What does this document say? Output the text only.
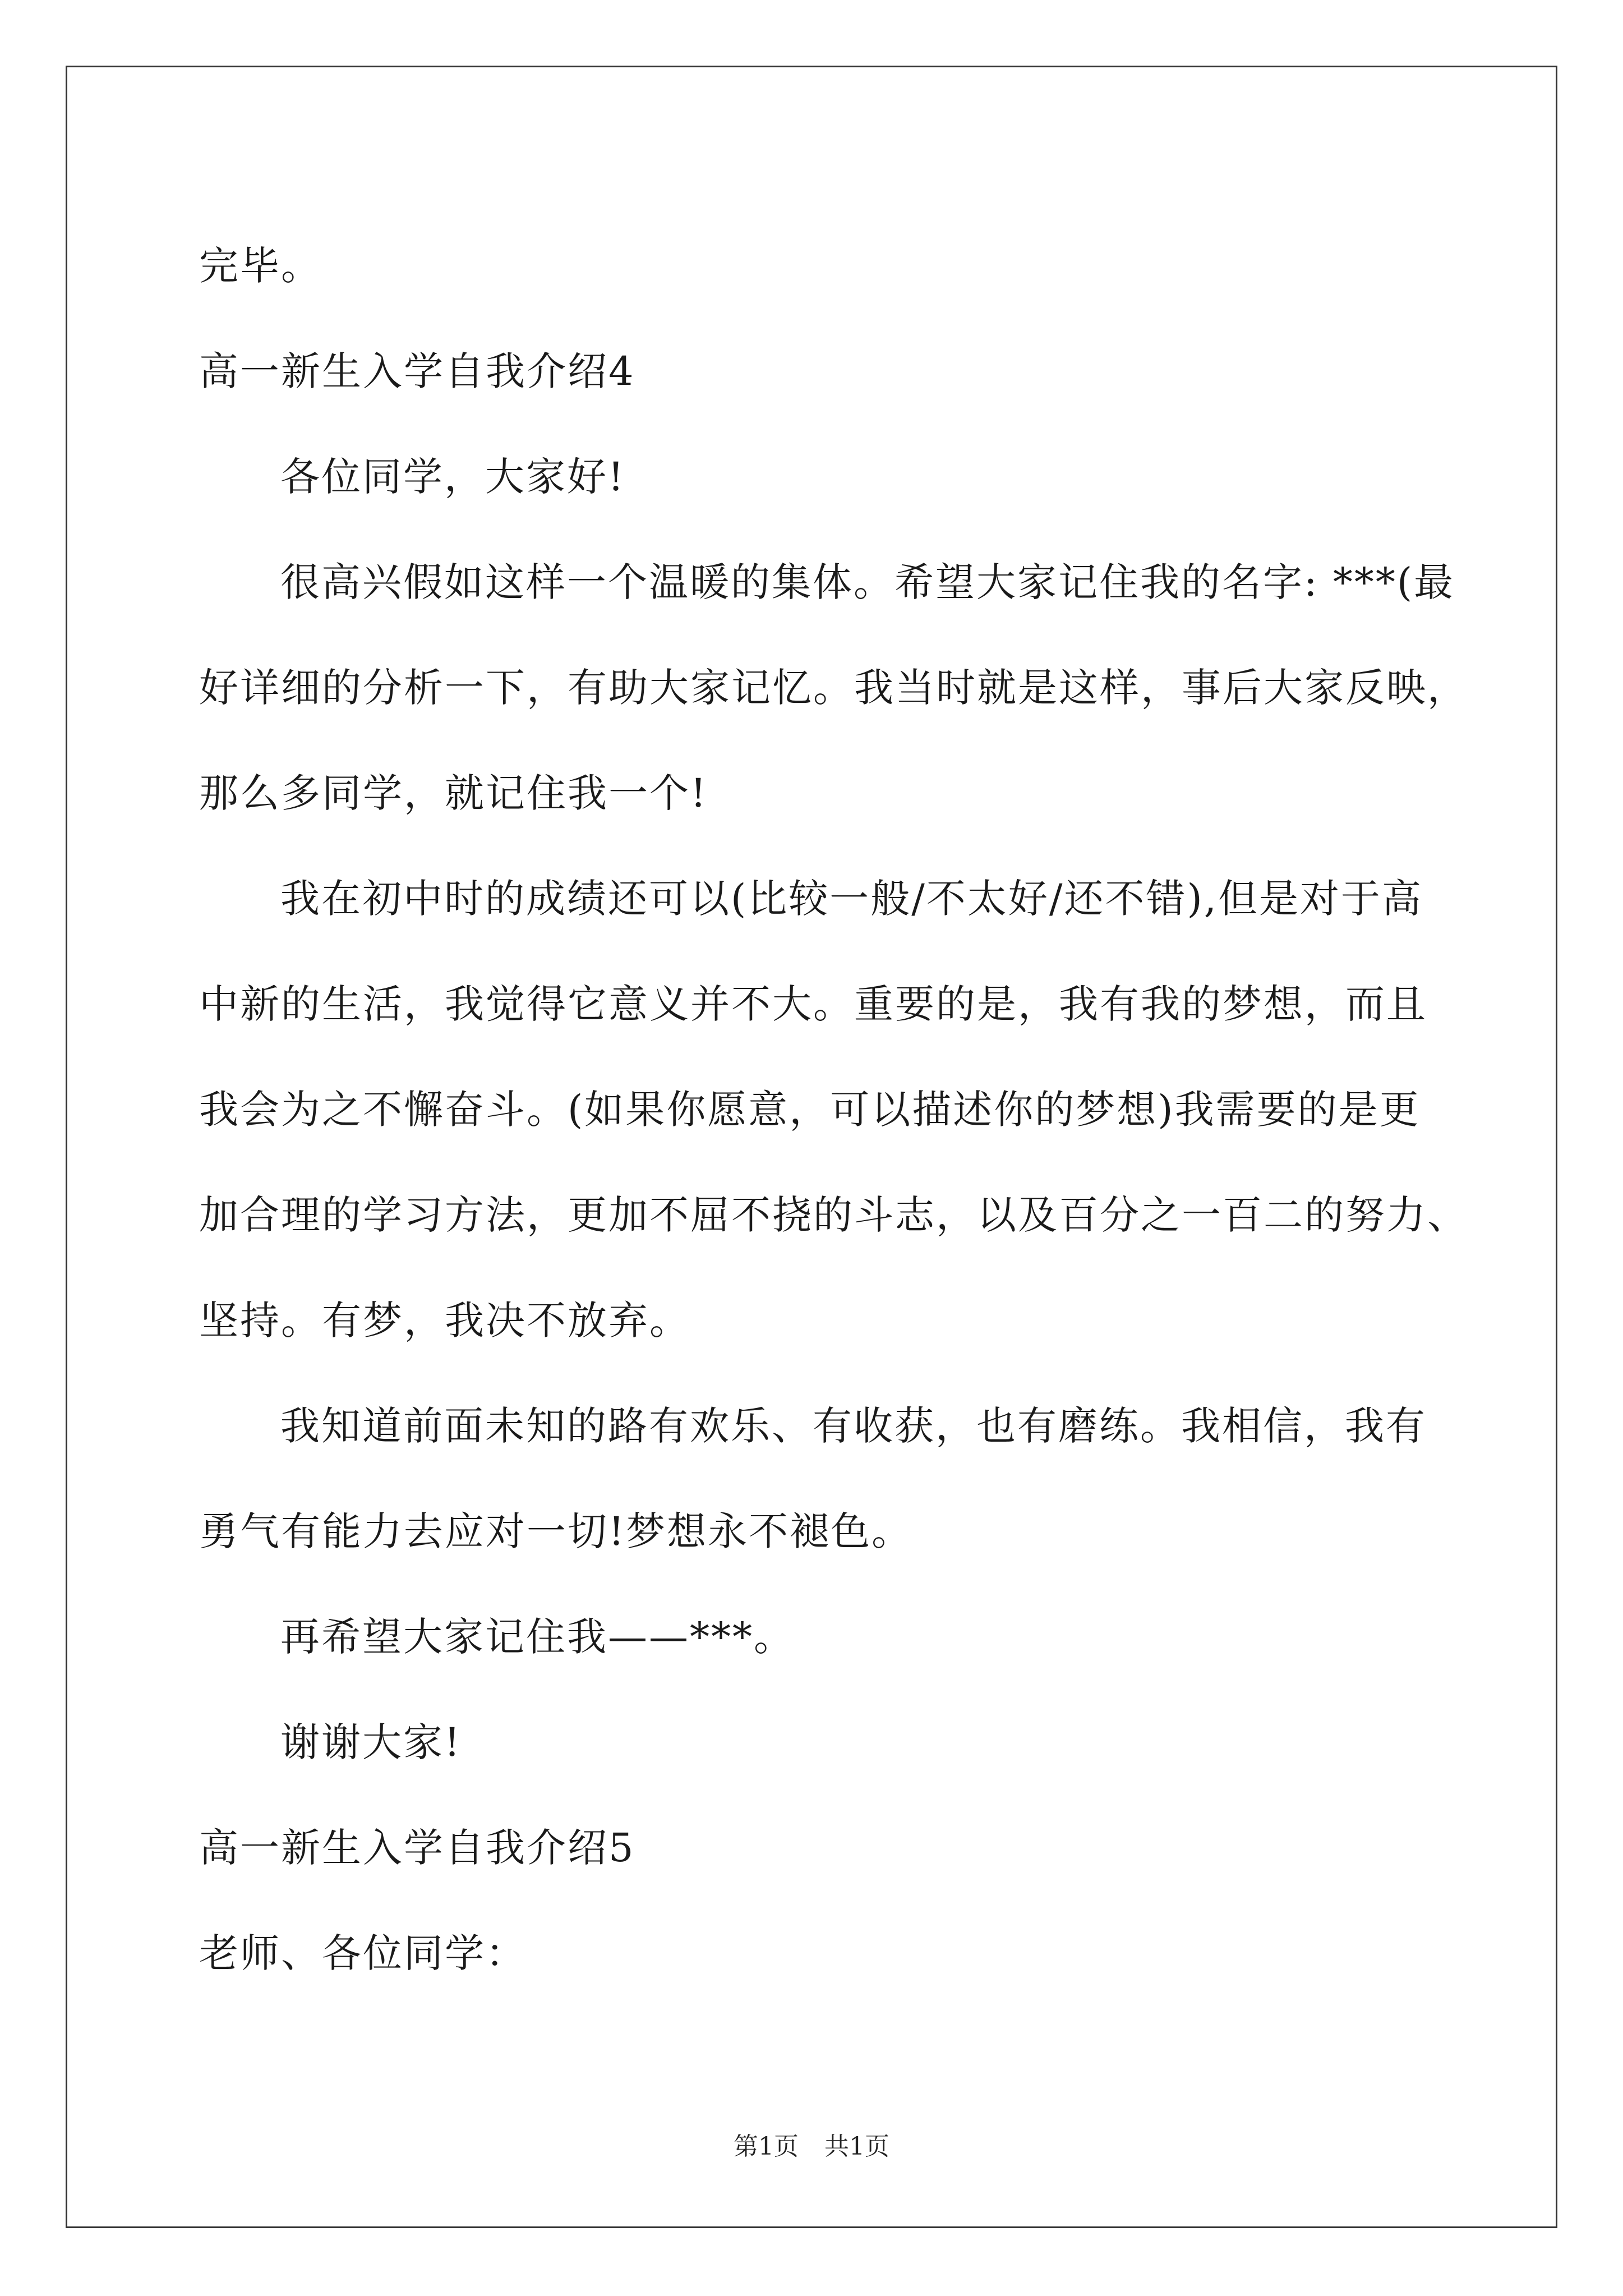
完毕。
高一新生入学自我介绍4
各位同学，大家好!
很高兴假如这样一个温暖的集体。希望大家记住我的名字: ***(最
好详细的分析一下，有助大家记忆。我当时就是这样，事后大家反映，
那么多同学，就记住我一个!
我在初中时的成绩还可以(比较一般/不太好/还不错),但是对于高
中新的生活，我觉得它意义并不大。重要的是，我有我的梦想，而且
我会为之不懈奋斗。(如果你愿意，可以描述你的梦想)我需要的是更
加合理的学习方法，更加不屈不挠的斗志，以及百分之一百二的努力、
坚持。有梦，我决不放弃。
我知道前面未知的路有欢乐、有收获，也有磨练。我相信，我有
勇气有能力去应对一切!梦想永不褪色。
再希望大家记住我——***。
谢谢大家!
高一新生入学自我介绍5
老师、各位同学：
第1页 共1页
